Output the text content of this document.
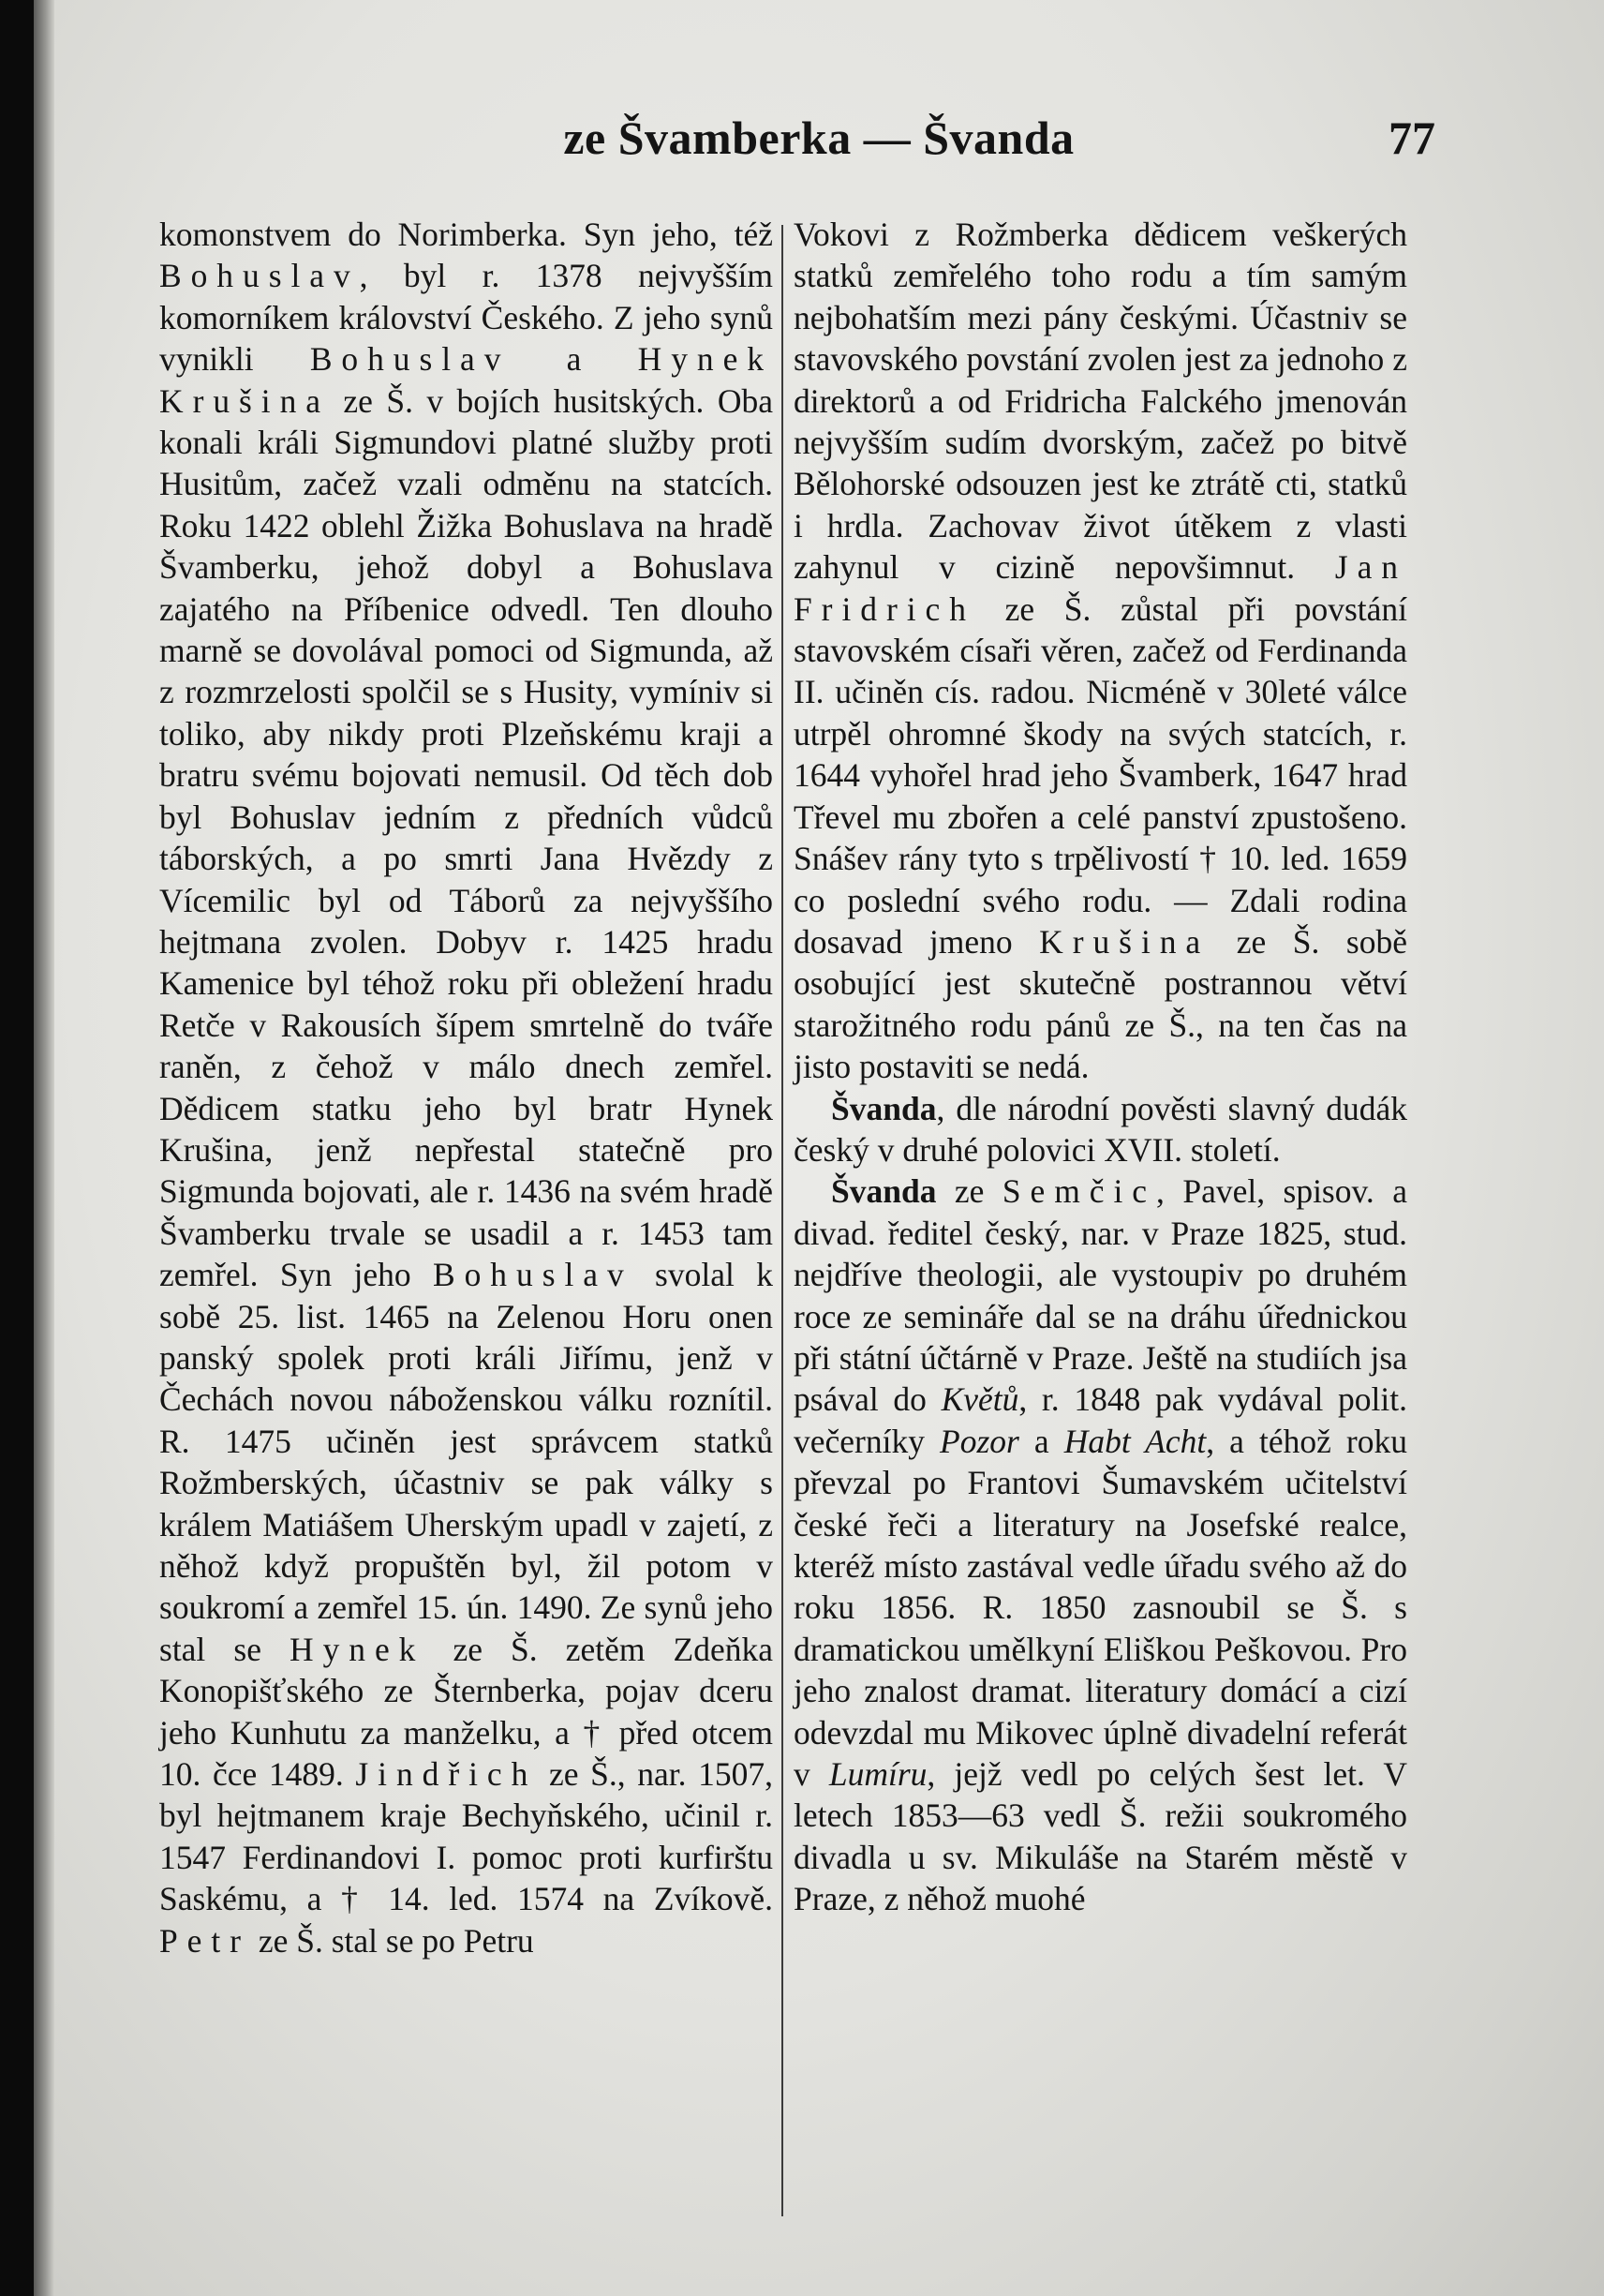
ze Švamberka — Švanda	77

komonstvem do Norimberka. Syn jeho, též Bohuslav, byl r. 1378 nejvyšším komorníkem království Českého. Z jeho synů vynikli Bohuslav a Hynek Krušina ze Š. v bojích husitských. Oba konali králi Sigmundovi platné služby proti Husitům, začež vzali odměnu na statcích. Roku 1422 oblehl Žižka Bohuslava na hradě Švamberku, jehož dobyl a Bohuslava zajatého na Příbenice odvedl. Ten dlouho marně se dovolával pomoci od Sigmunda, až z rozmrzelosti spolčil se s Husity, vymíniv si toliko, aby nikdy proti Plzeňskému kraji a bratru svému bojovati nemusil. Od těch dob byl Bohuslav jedním z předních vůdců táborských, a po smrti Jana Hvězdy z Vícemilic byl od Táborů za nejvyššího hejtmana zvolen. Dobyv r. 1425 hradu Kamenice byl téhož roku při obležení hradu Retče v Rakousích šípem smrtelně do tváře raněn, z čehož v málo dnech zemřel. Dědicem statku jeho byl bratr Hynek Krušina, jenž nepřestal statečně pro Sigmunda bojovati, ale r. 1436 na svém hradě Švamberku trvale se usadil a r. 1453 tam zemřel. Syn jeho Bohuslav svolal k sobě 25. list. 1465 na Zelenou Horu onen panský spolek proti králi Jiřímu, jenž v Čechách novou náboženskou válku roznítil. R. 1475 učiněn jest správcem statků Rožmberských, účastniv se pak války s králem Matiášem Uherským upadl v zajetí, z něhož když propuštěn byl, žil potom v soukromí a zemřel 15. ún. 1490. Ze synů jeho stal se Hynek ze Š. zetěm Zdeňka Konopišťského ze Šternberka, pojav dceru jeho Kunhutu za manželku, a † před otcem 10. čce 1489. Jindřich ze Š., nar. 1507, byl hejtmanem kraje Bechyňského, učinil r. 1547 Ferdinandovi I. pomoc proti kurfirštu Saskému, a † 14. led. 1574 na Zvíkově. Petr ze Š. stal se po Petru

Vokovi z Rožmberka dědicem veškerých statků zemřelého toho rodu a tím samým nejbohatším mezi pány českými. Účastniv se stavovského povstání zvolen jest za jednoho z direktorů a od Fridricha Falckého jmenován nejvyšším sudím dvorským, začež po bitvě Bělohorské odsouzen jest ke ztrátě cti, statků i hrdla. Zachovav život útěkem z vlasti zahynul v cizině nepovšimnut. Jan Fridrich ze Š. zůstal při povstání stavovském císaři věren, začež od Ferdinanda II. učiněn cís. radou. Nicméně v 30leté válce utrpěl ohromné škody na svých statcích, r. 1644 vyhořel hrad jeho Švamberk, 1647 hrad Třevel mu zbořen a celé panství zpustošeno. Snášev rány tyto s trpělivostí † 10. led. 1659 co poslední svého rodu. — Zdali rodina dosavad jmeno Krušina ze Š. sobě osobující jest skutečně postrannou větví starožitného rodu pánů ze Š., na ten čas na jisto postaviti se nedá.

Švanda, dle národní pověsti slavný dudák český v druhé polovici XVII. století.

Švanda ze Semčic, Pavel, spisov. a divad. ředitel český, nar. v Praze 1825, stud. nejdříve theologii, ale vystoupiv po druhém roce ze semináře dal se na dráhu úřednickou při státní účtárně v Praze. Ještě na studiích jsa psával do Květů, r. 1848 pak vydával polit. večerníky Pozor a Habt Acht, a téhož roku převzal po Frantovi Šumavském učitelství české řeči a literatury na Josefské realce, kteréž místo zastával vedle úřadu svého až do roku 1856. R. 1850 zasnoubil se Š. s dramatickou umělkyní Eliškou Peškovou. Pro jeho znalost dramat. literatury domácí a cizí odevzdal mu Mikovec úplně divadelní referát v Lumíru, jejž vedl po celých šest let. V letech 1853—63 vedl Š. režii soukromého divadla u sv. Mikuláše na Starém městě v Praze, z něhož muohé
